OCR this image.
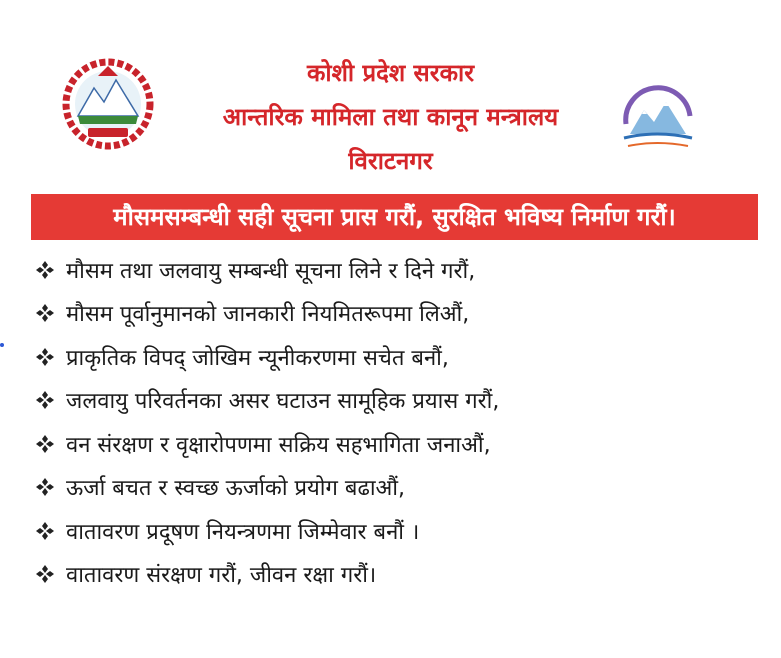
कोशी प्रदेश सरकार
आन्तरिक मामिला तथा कानून मन्त्रालय
विराटनगर
मौसमसम्बन्धी सही सूचना प्रास गरौं, सुरक्षित भविष्य निर्माण गरौं।
मौसम तथा जलवायु सम्बन्धी सूचना लिने र दिने गरौं,
मौसम पूर्वानुमानको जानकारी नियमितरूपमा लिऔं,
प्राकृतिक विपद् जोखिम न्यूनीकरणमा सचेत बनौं,
जलवायु परिवर्तनका असर घटाउन सामूहिक प्रयास गरौं,
वन संरक्षण र वृक्षारोपणमा सक्रिय सहभागिता जनाऔं,
ऊर्जा बचत र स्वच्छ ऊर्जाको प्रयोग बढाऔं,
वातावरण प्रदूषण नियन्त्रणमा जिम्मेवार बनौं ।
वातावरण संरक्षण गरौं, जीवन रक्षा गरौं।
